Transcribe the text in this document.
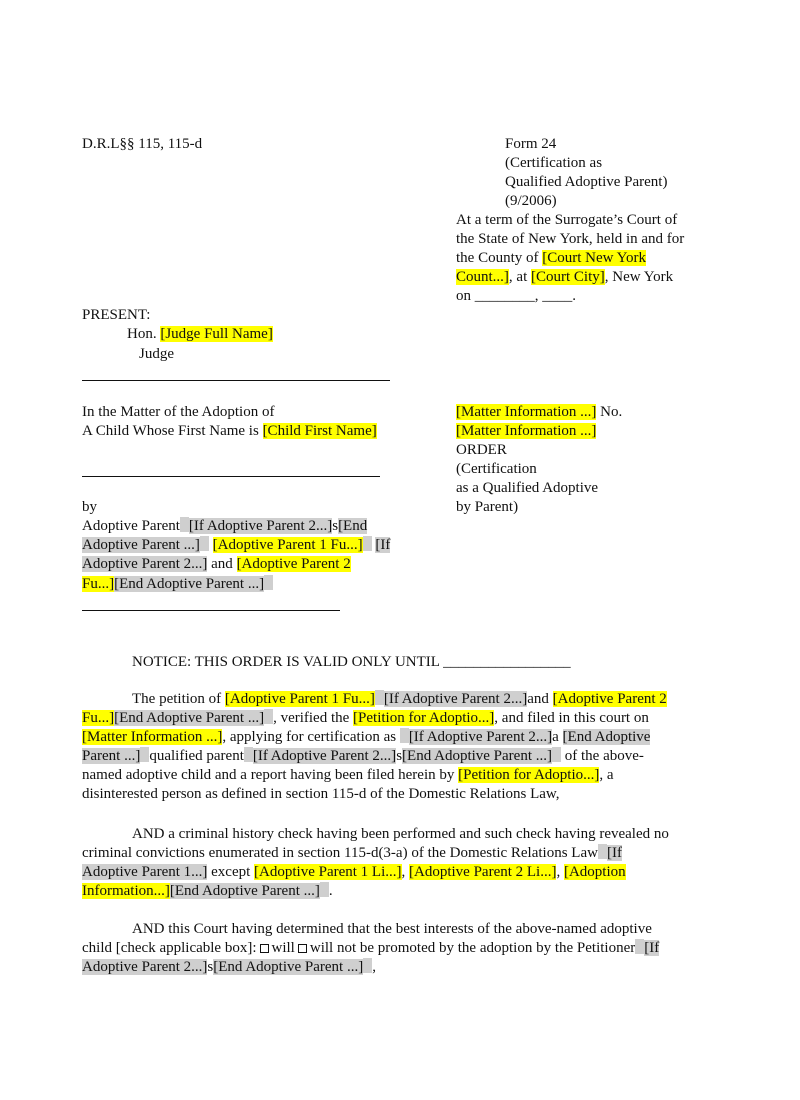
D.R.L§§ 115, 115-d	Form 24
(Certification as
Qualified Adoptive Parent)
(9/2006)
At a term of the Surrogate’s Court of
the State of New York, held in and for
the County of [Court New York
Count...], at [Court City], New York
on ________, ____.
PRESENT:
Hon. [Judge Full Name]
Judge
In the Matter of the Adoption of
A Child Whose First Name is [Child First Name]
by
Adoptive Parent [If Adoptive Parent 2...]s[End
Adoptive Parent ...] [Adoptive Parent 1 Fu...] [If
Adoptive Parent 2...] and [Adoptive Parent 2
Fu...][End Adoptive Parent ...]
[Matter Information ...] No.
[Matter Information ...]
ORDER
(Certification
as a Qualified Adoptive
by Parent)
NOTICE: THIS ORDER IS VALID ONLY UNTIL _________________
The petition of [Adoptive Parent 1 Fu...] [If Adoptive Parent 2...]and [Adoptive Parent 2
Fu...][End Adoptive Parent ...] , verified the [Petition for Adoptio...], and filed in this court on
[Matter Information ...], applying for certification as [If Adoptive Parent 2...]a [End Adoptive
Parent ...] qualified parent [If Adoptive Parent 2...]s[End Adoptive Parent ...] of the above-
named adoptive child and a report having been filed herein by [Petition for Adoptio...], a
disinterested person as defined in section 115-d of the Domestic Relations Law,
AND a criminal history check having been performed and such check having revealed no
criminal convictions enumerated in section 115-d(3-a) of the Domestic Relations Law [If
Adoptive Parent 1...] except [Adoptive Parent 1 Li...], [Adoptive Parent 2 Li...], [Adoption
Information...][End Adoptive Parent ...] .
AND this Court having determined that the best interests of the above-named adoptive
child [check applicable box]: will will not be promoted by the adoption by the Petitioner [If
Adoptive Parent 2...]s[End Adoptive Parent ...] ,
